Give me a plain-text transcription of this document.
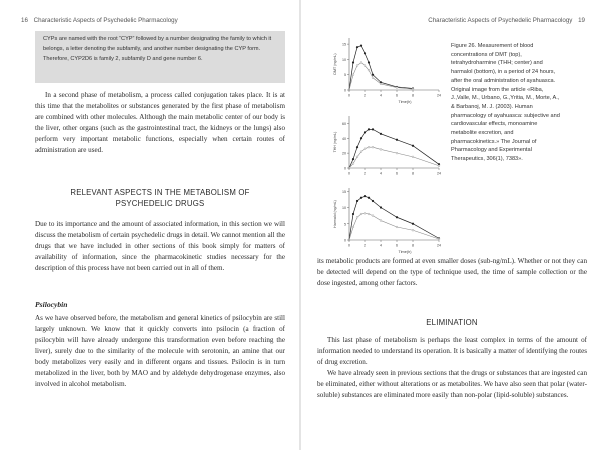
16 Characteristic Aspects of Psychedelic Pharmacology

CYPs are named with the root “CYP” followed by a number designating the family to which it belongs, a letter denoting the subfamily, and another number designating the CYP form. Therefore, CYP2D6 is family 2, subfamily D and gene number 6.

In a second phase of metabolism, a process called conjugation takes place. It is at this time that the metabolites or substances generated by the first phase of metabolism are combined with other molecules. Although the main metabolic center of our body is the liver, other organs (such as the gastrointestinal tract, the kidneys or the lungs) also perform very important metabolic functions, especially when certain routes of administration are used.

RELEVANT ASPECTS IN THE METABOLISM OF
PSYCHEDELIC DRUGS

Due to its importance and the amount of associated information, in this section we will discuss the metabolism of certain psychedelic drugs in detail. We cannot mention all the drugs that we have included in other sections of this book simply for matters of availability of information, since the pharmacokinetic studies necessary for the description of this process have not been carried out in all of them.

Psilocybin

As we have observed before, the metabolism and general kinetics of psilocybin are still largely unknown. We know that it quickly converts into psilocin (a fraction of psilocybin will have already undergone this transformation even before reaching the liver), surely due to the similarity of the molecule with serotonin, an amine that our body metabolizes very easily and in different organs and tissues. Psilocin is in turn metabolized in the liver, both by MAO and by aldehyde dehydrogenase enzymes, also involved in alcohol metabolism.

Characteristic Aspects of Psychedelic Pharmacology 19
0
5
10
15
0	2	4	6	8	24
Time(h)
DMT (ng/mL)
0
20
40
60
0	2	4	6	8	24
THH (ng/mL)
0
5
10
15
0	2	4	6	8	24
Time(h)
Harmalol (ng/mL)

Figure 26. Measurement of blood concentrations of DMT (top), tetrahydroharmine (THH; center) and harmalol (bottom), in a period of 24 hours, after the oral administration of ayahuasca. Original image from the article «Riba, J.,Valle, M., Urbano, G.,Yritia, M., Morte, A., & Barbanoj, M. J. (2003). Human pharmacology of ayahuasca: subjective and cardiovascular effects, monoamine metabolite excretion, and pharmacokinetics.» The Journal of Pharmacology and Experimental Therapeutics, 306(1), 7383».

its metabolic products are formed at even smaller doses (sub-ng/mL). Whether or not they can be detected will depend on the type of technique used, the time of sample collection or the dose ingested, among other factors.

ELIMINATION

This last phase of metabolism is perhaps the least complex in terms of the amount of information needed to understand its operation. It is basically a matter of identifying the routes of drug excretion.

We have already seen in previous sections that the drugs or substances that are ingested can be eliminated, either without alterations or as metabolites. We have also seen that polar (water-soluble) substances are eliminated more easily than non-polar (lipid-soluble) substances.
